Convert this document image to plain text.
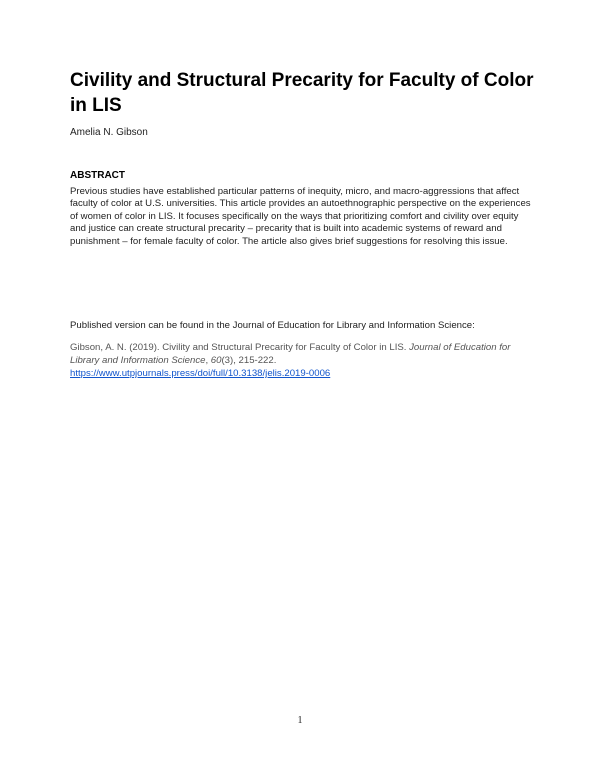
Civility and Structural Precarity for Faculty of Color in LIS

Amelia N. Gibson

ABSTRACT

Previous studies have established particular patterns of inequity, micro, and macro-aggressions that affect faculty of color at U.S. universities. This article provides an autoethnographic perspective on the experiences of women of color in LIS. It focuses specifically on the ways that prioritizing comfort and civility over equity and justice can create structural precarity – precarity that is built into academic systems of reward and punishment – for female faculty of color. The article also gives brief suggestions for resolving this issue.

Published version can be found in the Journal of Education for Library and Information Science:

Gibson, A. N. (2019). Civility and Structural Precarity for Faculty of Color in LIS. Journal of Education for Library and Information Science, 60(3), 215-222.
https://www.utpjournals.press/doi/full/10.3138/jelis.2019-0006

1
